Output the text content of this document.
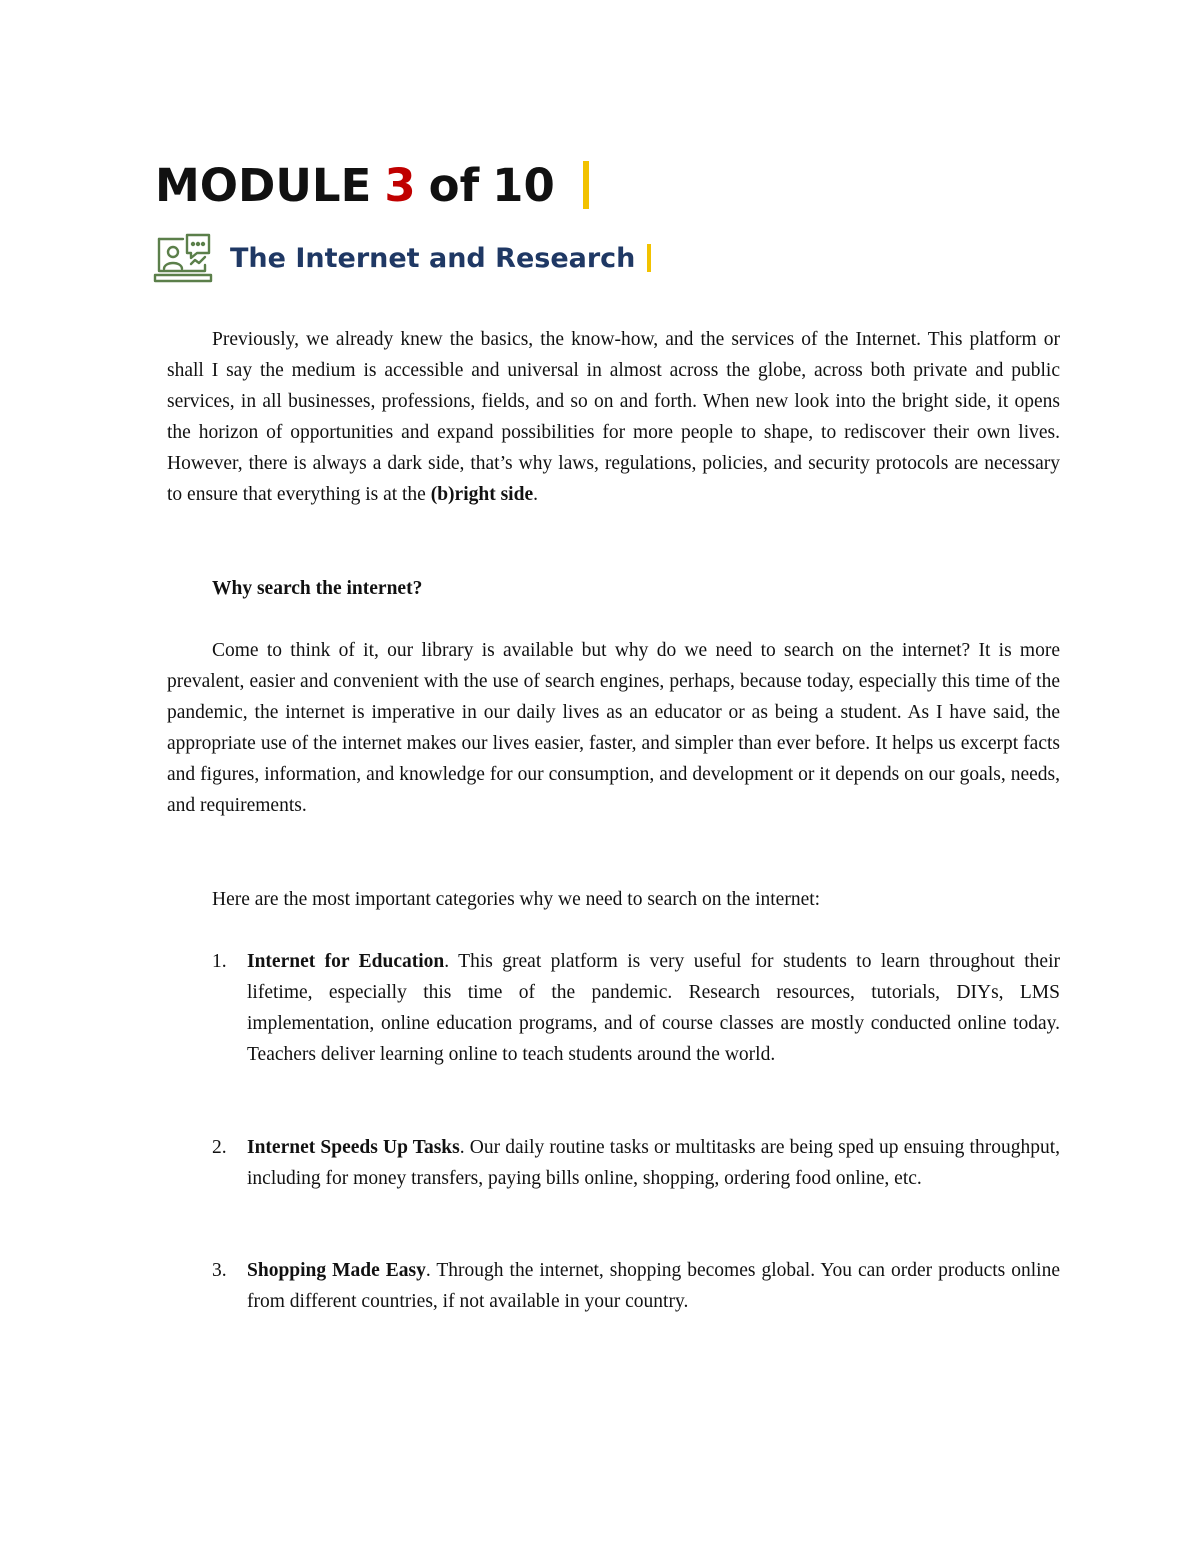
MODULE 3 of 10
The Internet and Research
Previously, we already knew the basics, the know-how, and the services of the Internet. This platform or shall I say the medium is accessible and universal in almost across the globe, across both private and public services, in all businesses, professions, fields, and so on and forth. When new look into the bright side, it opens the horizon of opportunities and expand possibilities for more people to shape, to rediscover their own lives. However, there is always a dark side, that’s why laws, regulations, policies, and security protocols are necessary to ensure that everything is at the (b)right side.
Why search the internet?
Come to think of it, our library is available but why do we need to search on the internet? It is more prevalent, easier and convenient with the use of search engines, perhaps, because today, especially this time of the pandemic, the internet is imperative in our daily lives as an educator or as being a student. As I have said, the appropriate use of the internet makes our lives easier, faster, and simpler than ever before. It helps us excerpt facts and figures, information, and knowledge for our consumption, and development or it depends on our goals, needs, and requirements.
Here are the most important categories why we need to search on the internet:
1.	Internet for Education. This great platform is very useful for students to learn throughout their lifetime, especially this time of the pandemic. Research resources, tutorials, DIYs, LMS implementation, online education programs, and of course classes are mostly conducted online today. Teachers deliver learning online to teach students around the world.
2.	Internet Speeds Up Tasks. Our daily routine tasks or multitasks are being sped up ensuing throughput, including for money transfers, paying bills online, shopping, ordering food online, etc.
3.	Shopping Made Easy. Through the internet, shopping becomes global. You can order products online from different countries, if not available in your country.
